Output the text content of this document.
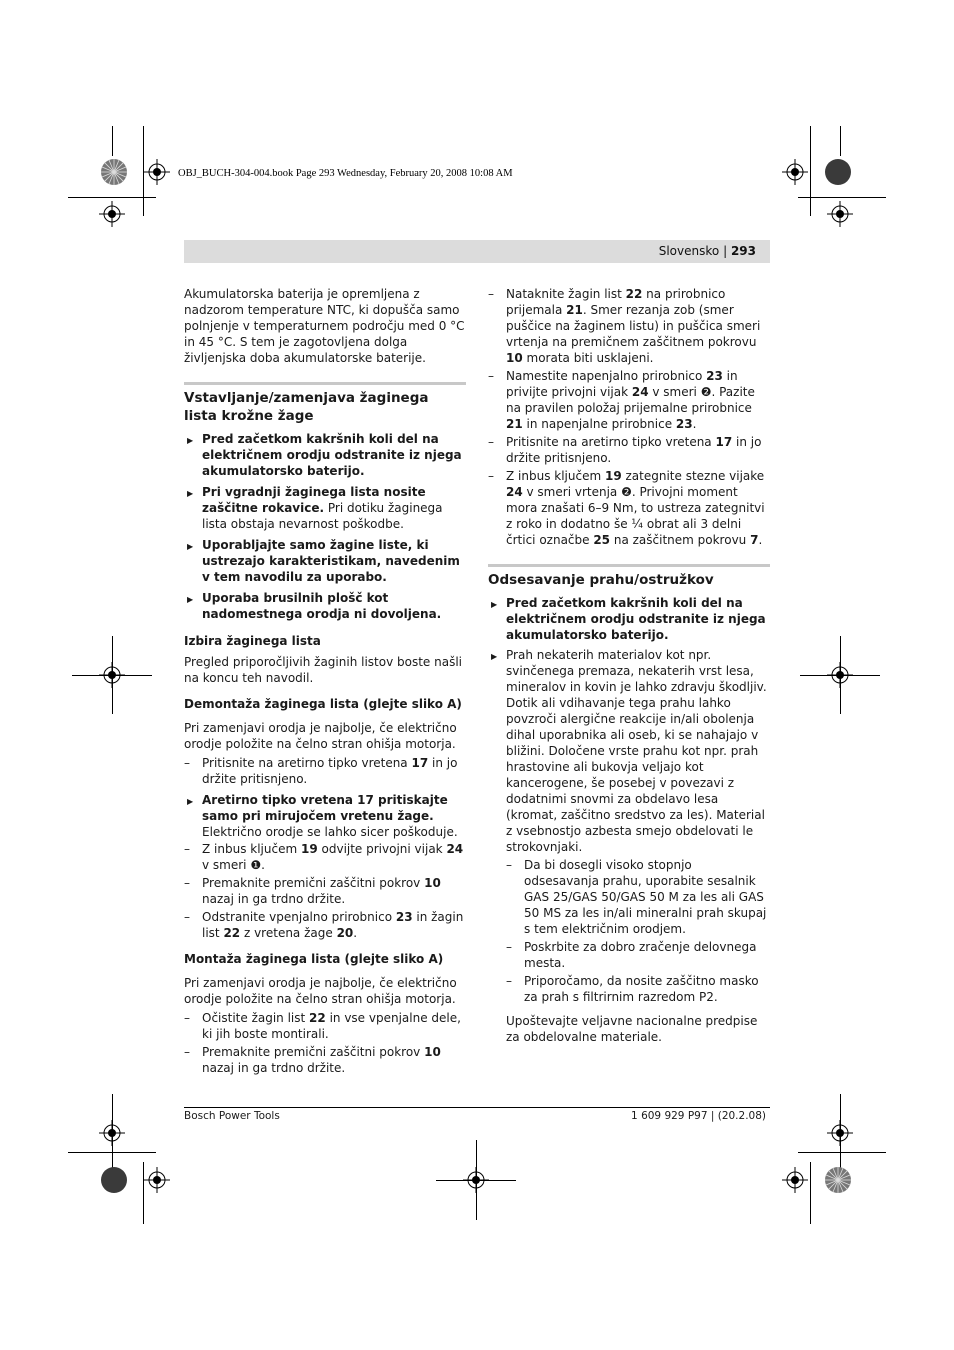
OBJ_BUCH-304-004.book Page 293 Wednesday, February 20, 2008 10:08 AM
Slovensko | 293

Akumulatorska baterija je opremljena z nadzorom temperature NTC, ki dopušča samo polnjenje v temperaturnem področju med 0 °C in 45 °C. S tem je zagotovljena dolga življenjska doba akumulatorske baterije.

Vstavljanje/zamenjava žaginega lista krožne žage

▶ Pred začetkom kakršnih koli del na električnem orodju odstranite iz njega akumulatorsko baterijo.

▶ Pri vgradnji žaginega lista nosite zaščitne rokavice. Pri dotiku žaginega lista obstaja nevarnost poškodbe.

▶ Uporabljajte samo žagine liste, ki ustrezajo karakteristikam, navedenim v tem navodilu za uporabo.

▶ Uporaba brusilnih plošč kot nadomestnega orodja ni dovoljena.

Izbira žaginega lista

Pregled priporočljivih žaginih listov boste našli na koncu teh navodil.

Demontaža žaginega lista (glejte sliko A)

Pri zamenjavi orodja je najbolje, če električno orodje položite na čelno stran ohišja motorja.

– Pritisnite na aretirno tipko vretena 17 in jo držite pritisnjeno.

▶ Aretirno tipko vretena 17 pritiskajte samo pri mirujočem vretenu žage. Električno orodje se lahko sicer poškoduje.

– Z inbus ključem 19 odvijte privojni vijak 24 v smeri ❶.

– Premaknite premični zaščitni pokrov 10 nazaj in ga trdno držite.

– Odstranite vpenjalno prirobnico 23 in žagin list 22 z vretena žage 20.

Montaža žaginega lista (glejte sliko A)

Pri zamenjavi orodja je najbolje, če električno orodje položite na čelno stran ohišja motorja.

– Očistite žagin list 22 in vse vpenjalne dele, ki jih boste montirali.

– Premaknite premični zaščitni pokrov 10 nazaj in ga trdno držite.

– Nataknite žagin list 22 na prirobnico prijemala 21. Smer rezanja zob (smer puščice na žaginem listu) in puščica smeri vrtenja na premičnem zaščitnem pokrovu 10 morata biti usklajeni.

– Namestite napenjalno prirobnico 23 in privijte privojni vijak 24 v smeri ❷. Pazite na pravilen položaj prijemalne prirobnice 21 in napenjalne prirobnice 23.

– Pritisnite na aretirno tipko vretena 17 in jo držite pritisnjeno.

– Z inbus ključem 19 zategnite stezne vijake 24 v smeri vrtenja ❷. Privojni moment mora znašati 6–9 Nm, to ustreza zategnitvi z roko in dodatno še ¼ obrat ali 3 delni črtici označbe 25 na zaščitnem pokrovu 7.

Odsesavanje prahu/ostružkov

▶ Pred začetkom kakršnih koli del na električnem orodju odstranite iz njega akumulatorsko baterijo.

▶ Prah nekaterih materialov kot npr. svinčenega premaza, nekaterih vrst lesa, mineralov in kovin je lahko zdravju škodljiv. Dotik ali vdihavanje tega prahu lahko povzroči alergične reakcije in/ali obolenja dihal uporabnika ali oseb, ki se nahajajo v bližini. Določene vrste prahu kot npr. prah hrastovine ali bukovja veljajo kot kancerogene, še posebej v povezavi z dodatnimi snovmi za obdelavo lesa (kromat, zaščitno sredstvo za les). Material z vsebnostjo azbesta smejo obdelovati le strokovnjaki.

– Da bi dosegli visoko stopnjo odsesavanja prahu, uporabite sesalnik GAS 25/GAS 50/GAS 50 M za les ali GAS 50 MS za les in/ali mineralni prah skupaj s tem električnim orodjem.

– Poskrbite za dobro zračenje delovnega mesta.

– Priporočamo, da nosite zaščitno masko za prah s filtrirnim razredom P2.

Upoštevajte veljavne nacionalne predpise za obdelovalne materiale.

Bosch Power Tools	1 609 929 P97 | (20.2.08)
